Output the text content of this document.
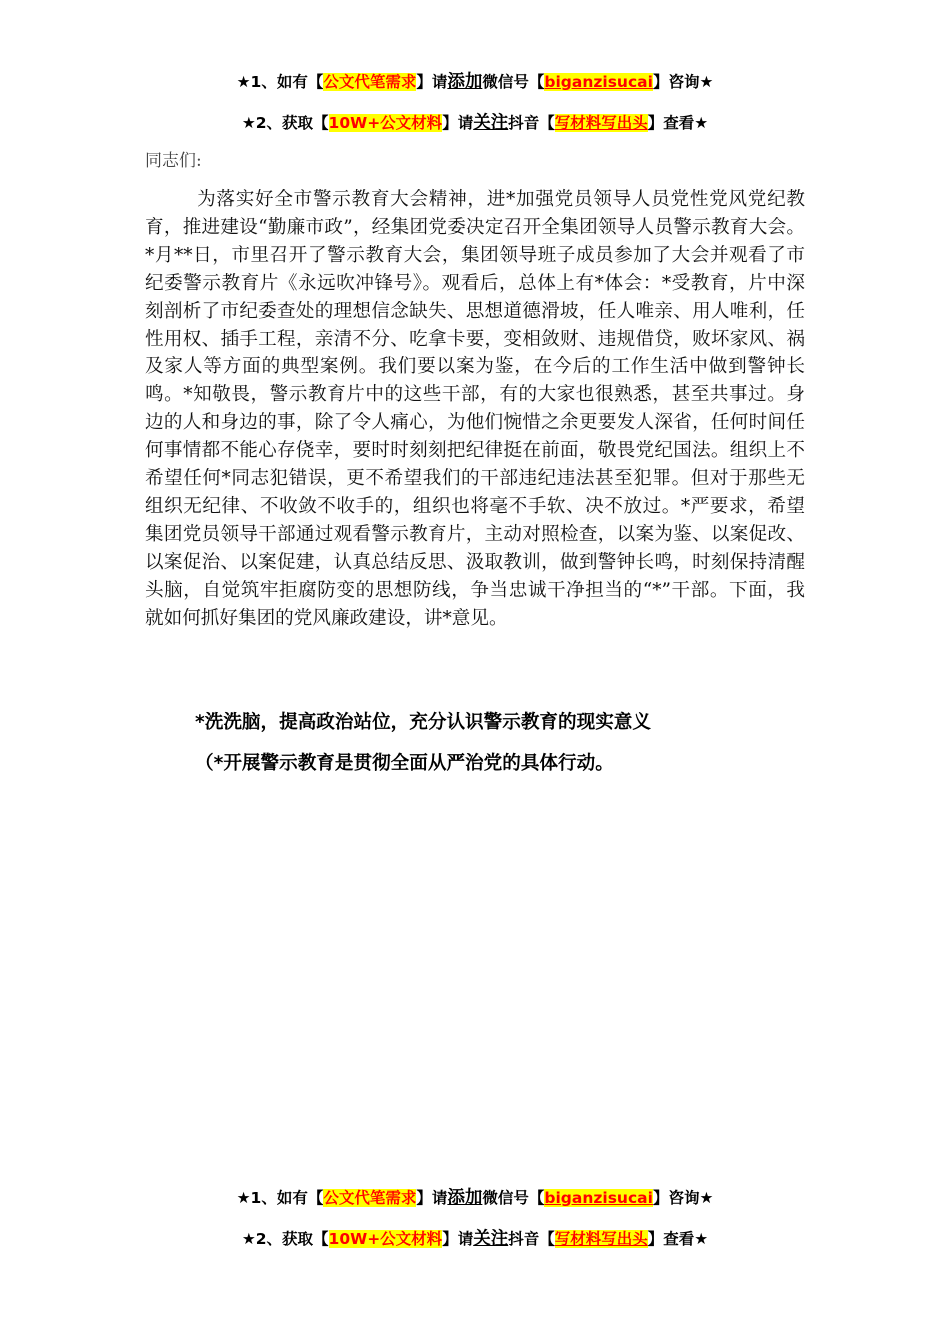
★1、如有【公文代笔需求】请添加微信号【biganzisucai】咨询★
★2、获取【10W+公文材料】请关注抖音【写材料写出头】查看★
同志们:

为落实好全市警示教育大会精神，进*加强党员领导人员党性党风党纪教育，推进建设“勤廉市政”，经集团党委决定召开全集团领导人员警示教育大会。*月**日，市里召开了警示教育大会，集团领导班子成员参加了大会并观看了市纪委警示教育片《永远吹冲锋号》。观看后，总体上有*体会：*受教育，片中深刻剖析了市纪委查处的理想信念缺失、思想道德滑坡，任人唯亲、用人唯利，任性用权、插手工程，亲清不分、吃拿卡要，变相敛财、违规借贷，败坏家风、祸及家人等方面的典型案例。我们要以案为鉴，在今后的工作生活中做到警钟长鸣。*知敬畏，警示教育片中的这些干部，有的大家也很熟悉，甚至共事过。身边的人和身边的事，除了令人痛心，为他们惋惜之余更要发人深省，任何时间任何事情都不能心存侥幸，要时时刻刻把纪律挺在前面，敬畏党纪国法。组织上不希望任何*同志犯错误，更不希望我们的干部违纪违法甚至犯罪。但对于那些无组织无纪律、不收敛不收手的，组织也将毫不手软、决不放过。*严要求，希望集团党员领导干部通过观看警示教育片，主动对照检查，以案为鉴、以案促改、以案促治、以案促建，认真总结反思、汲取教训，做到警钟长鸣，时刻保持清醒头脑，自觉筑牢拒腐防变的思想防线，争当忠诚干净担当的“*”干部。下面，我就如何抓好集团的党风廉政建设，讲*意见。

*洗洗脑，提高政治站位，充分认识警示教育的现实意义
（*开展警示教育是贯彻全面从严治党的具体行动。
★1、如有【公文代笔需求】请添加微信号【biganzisucai】咨询★
★2、获取【10W+公文材料】请关注抖音【写材料写出头】查看★
